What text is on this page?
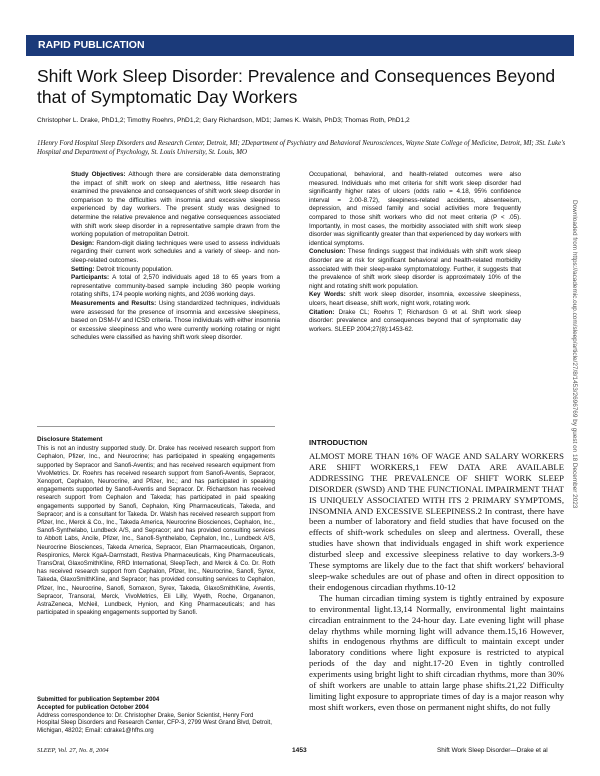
RAPID PUBLICATION
Shift Work Sleep Disorder: Prevalence and Consequences Beyond that of Symptomatic Day Workers
Christopher L. Drake, PhD1,2; Timothy Roehrs, PhD1,2; Gary Richardson, MD1; James K. Walsh, PhD3; Thomas Roth, PhD1,2
1Henry Ford Hospital Sleep Disorders and Research Center, Detroit, MI; 2Department of Psychiatry and Behavioral Neurosciences, Wayne State College of Medicine, Detroit, MI; 3St. Luke's Hospital and Department of Psychology, St. Louis University, St. Louis, MO

Study Objectives: Although there are considerable data demonstrating the impact of shift work on sleep and alertness, little research has examined the prevalence and consequences of shift work sleep disorder in comparison to the difficulties with insomnia and excessive sleepiness experienced by day workers. The present study was designed to determine the relative prevalence and negative consequences associated with shift work sleep disorder in a representative sample drawn from the working population of metropolitan Detroit.

Design: Random-digit dialing techniques were used to assess individuals regarding their current work schedules and a variety of sleep- and non-sleep-related outcomes.

Setting: Detroit tricounty population.

Participants: A total of 2,570 individuals aged 18 to 65 years from a representative community-based sample including 360 people working rotating shifts, 174 people working nights, and 2036 working days.

Measurements and Results: Using standardized techniques, individuals were assessed for the presence of insomnia and excessive sleepiness, based on DSM-IV and ICSD criteria. Those individuals with either insomnia or excessive sleepiness and who were currently working rotating or night schedules were classified as having shift work sleep disorder.

Occupational, behavioral, and health-related outcomes were also measured. Individuals who met criteria for shift work sleep disorder had significantly higher rates of ulcers (odds ratio = 4.18, 95% confidence interval = 2.00-8.72), sleepiness-related accidents, absenteeism, depression, and missed family and social activities more frequently compared to those shift workers who did not meet criteria (P < .05). Importantly, in most cases, the morbidity associated with shift work sleep disorder was significantly greater than that experienced by day workers with identical symptoms.

Conclusion: These findings suggest that individuals with shift work sleep disorder are at risk for significant behavioral and health-related morbidity associated with their sleep-wake symptomatology. Further, it suggests that the prevalence of shift work sleep disorder is approximately 10% of the night and rotating shift work population.

Key Words: shift work sleep disorder, insomnia, excessive sleepiness, ulcers, heart disease, shift work, night work, rotating work.

Citation: Drake CL; Roehrs T; Richardson G et al. Shift work sleep disorder: prevalence and consequences beyond that of symptomatic day workers. SLEEP 2004;27(8):1453-62.

Disclosure Statement

This is not an industry supported study. Dr. Drake has received research support from Cephalon, Pfizer, Inc., and Neurocrine; has participated in speaking engagements supported by Sepracor and Sanofi-Aventis; and has received research equipment from VivoMetrics. Dr. Roehrs has received research support from Sanofi-Aventis, Sepracor, Xenoport, Cephalon, Neurocrine, and Pfizer, Inc.; and has participated in speaking engagements supported by Sanofi-Aventis and Sepracor. Dr. Richardson has received research support from Cephalon and Takeda; has participated in paid speaking engagements supported by Sanofi, Cephalon, King Pharmaceuticals, Takeda, and Sepracor; and is a consultant for Takeda. Dr. Walsh has received research support from Pfizer, Inc., Merck & Co., Inc., Takeda America, Neurocrine Biosciences, Cephalon, Inc., Sanofi-Synthelabo, Lundbeck A/S, and Sepracor; and has provided consulting services to Abbott Labs, Ancile, Pfizer, Inc., Sanofi-Synthelabo, Cephalon, Inc., Lundbeck A/S, Neurocrine Biosciences, Takeda America, Sepracor, Elan Pharmaceuticals, Organon, Respironics, Merck KgaA-Darmstadt, Restiva Pharmaceuticals, King Pharmaceuticals, TransOral, GlaxoSmithKline, RRD International, SleepTech, and Merck & Co. Dr. Roth has received research support from Cephalon, Pfizer, Inc., Neurocrine, Sanofi, Syrex, Takeda, GlaxoSmithKline, and Sepracor; has provided consulting services to Cephalon, Pfizer, Inc., Neurocrine, Sanofi, Somaxon, Syrex, Takeda, GlaxoSmithKline, Aventis, Sepracor, Transoral, Merck, VivoMetrics, Eli Lilly, Wyeth, Roche, Organanon, AstraZeneca, McNeil, Lundbeck, Hynion, and King Pharmaceuticals; and has participated in speaking engagements supported by Sanofi.

Submitted for publication September 2004

Accepted for publication October 2004

Address correspondence to: Dr. Christopher Drake, Senior Scientist, Henry Ford Hospital Sleep Disorders and Research Center, CFP-3, 2799 West Grand Blvd, Detroit, Michigan, 48202; Email: cdrake1@hfhs.org

INTRODUCTION

ALMOST MORE THAN 16% OF WAGE AND SALARY WORKERS ARE SHIFT WORKERS,1 FEW DATA ARE AVAILABLE ADDRESSING THE PREVALENCE OF SHIFT WORK SLEEP DISORDER (SWSD) AND THE FUNCTIONAL IMPAIRMENT THAT IS UNIQUELY ASSOCIATED WITH ITS 2 PRIMARY SYMPTOMS, INSOMNIA AND EXCESSIVE SLEEPINESS.2 In contrast, there have been a number of laboratory and field studies that have focused on the effects of shift-work schedules on sleep and alertness. Overall, these studies have shown that individuals engaged in shift work experience disturbed sleep and excessive sleepiness relative to day workers.3-9 These symptoms are likely due to the fact that shift workers' behavioral sleep-wake schedules are out of phase and often in direct opposition to their endogenous circadian rhythms.10-12

The human circadian timing system is tightly entrained by exposure to environmental light.13,14 Normally, environmental light maintains circadian entrainment to the 24-hour day. Late evening light will phase delay rhythms while morning light will advance them.15,16 However, shifts in endogenous rhythms are difficult to maintain except under laboratory conditions where light exposure is restricted to atypical periods of the day and night.17-20 Even in tightly controlled experiments using bright light to shift circadian rhythms, more than 30% of shift workers are unable to attain large phase shifts.21,22 Difficulty limiting light exposure to appropriate times of day is a major reason why most shift workers, even those on permanent night shifts, do not fully

SLEEP, Vol. 27, No. 8, 2004	1453	Shift Work Sleep Disorder—Drake et al
Downloaded from https://academic.oup.com/sleep/article/27/8/1453/2696769 by guest on 18 December 2023
